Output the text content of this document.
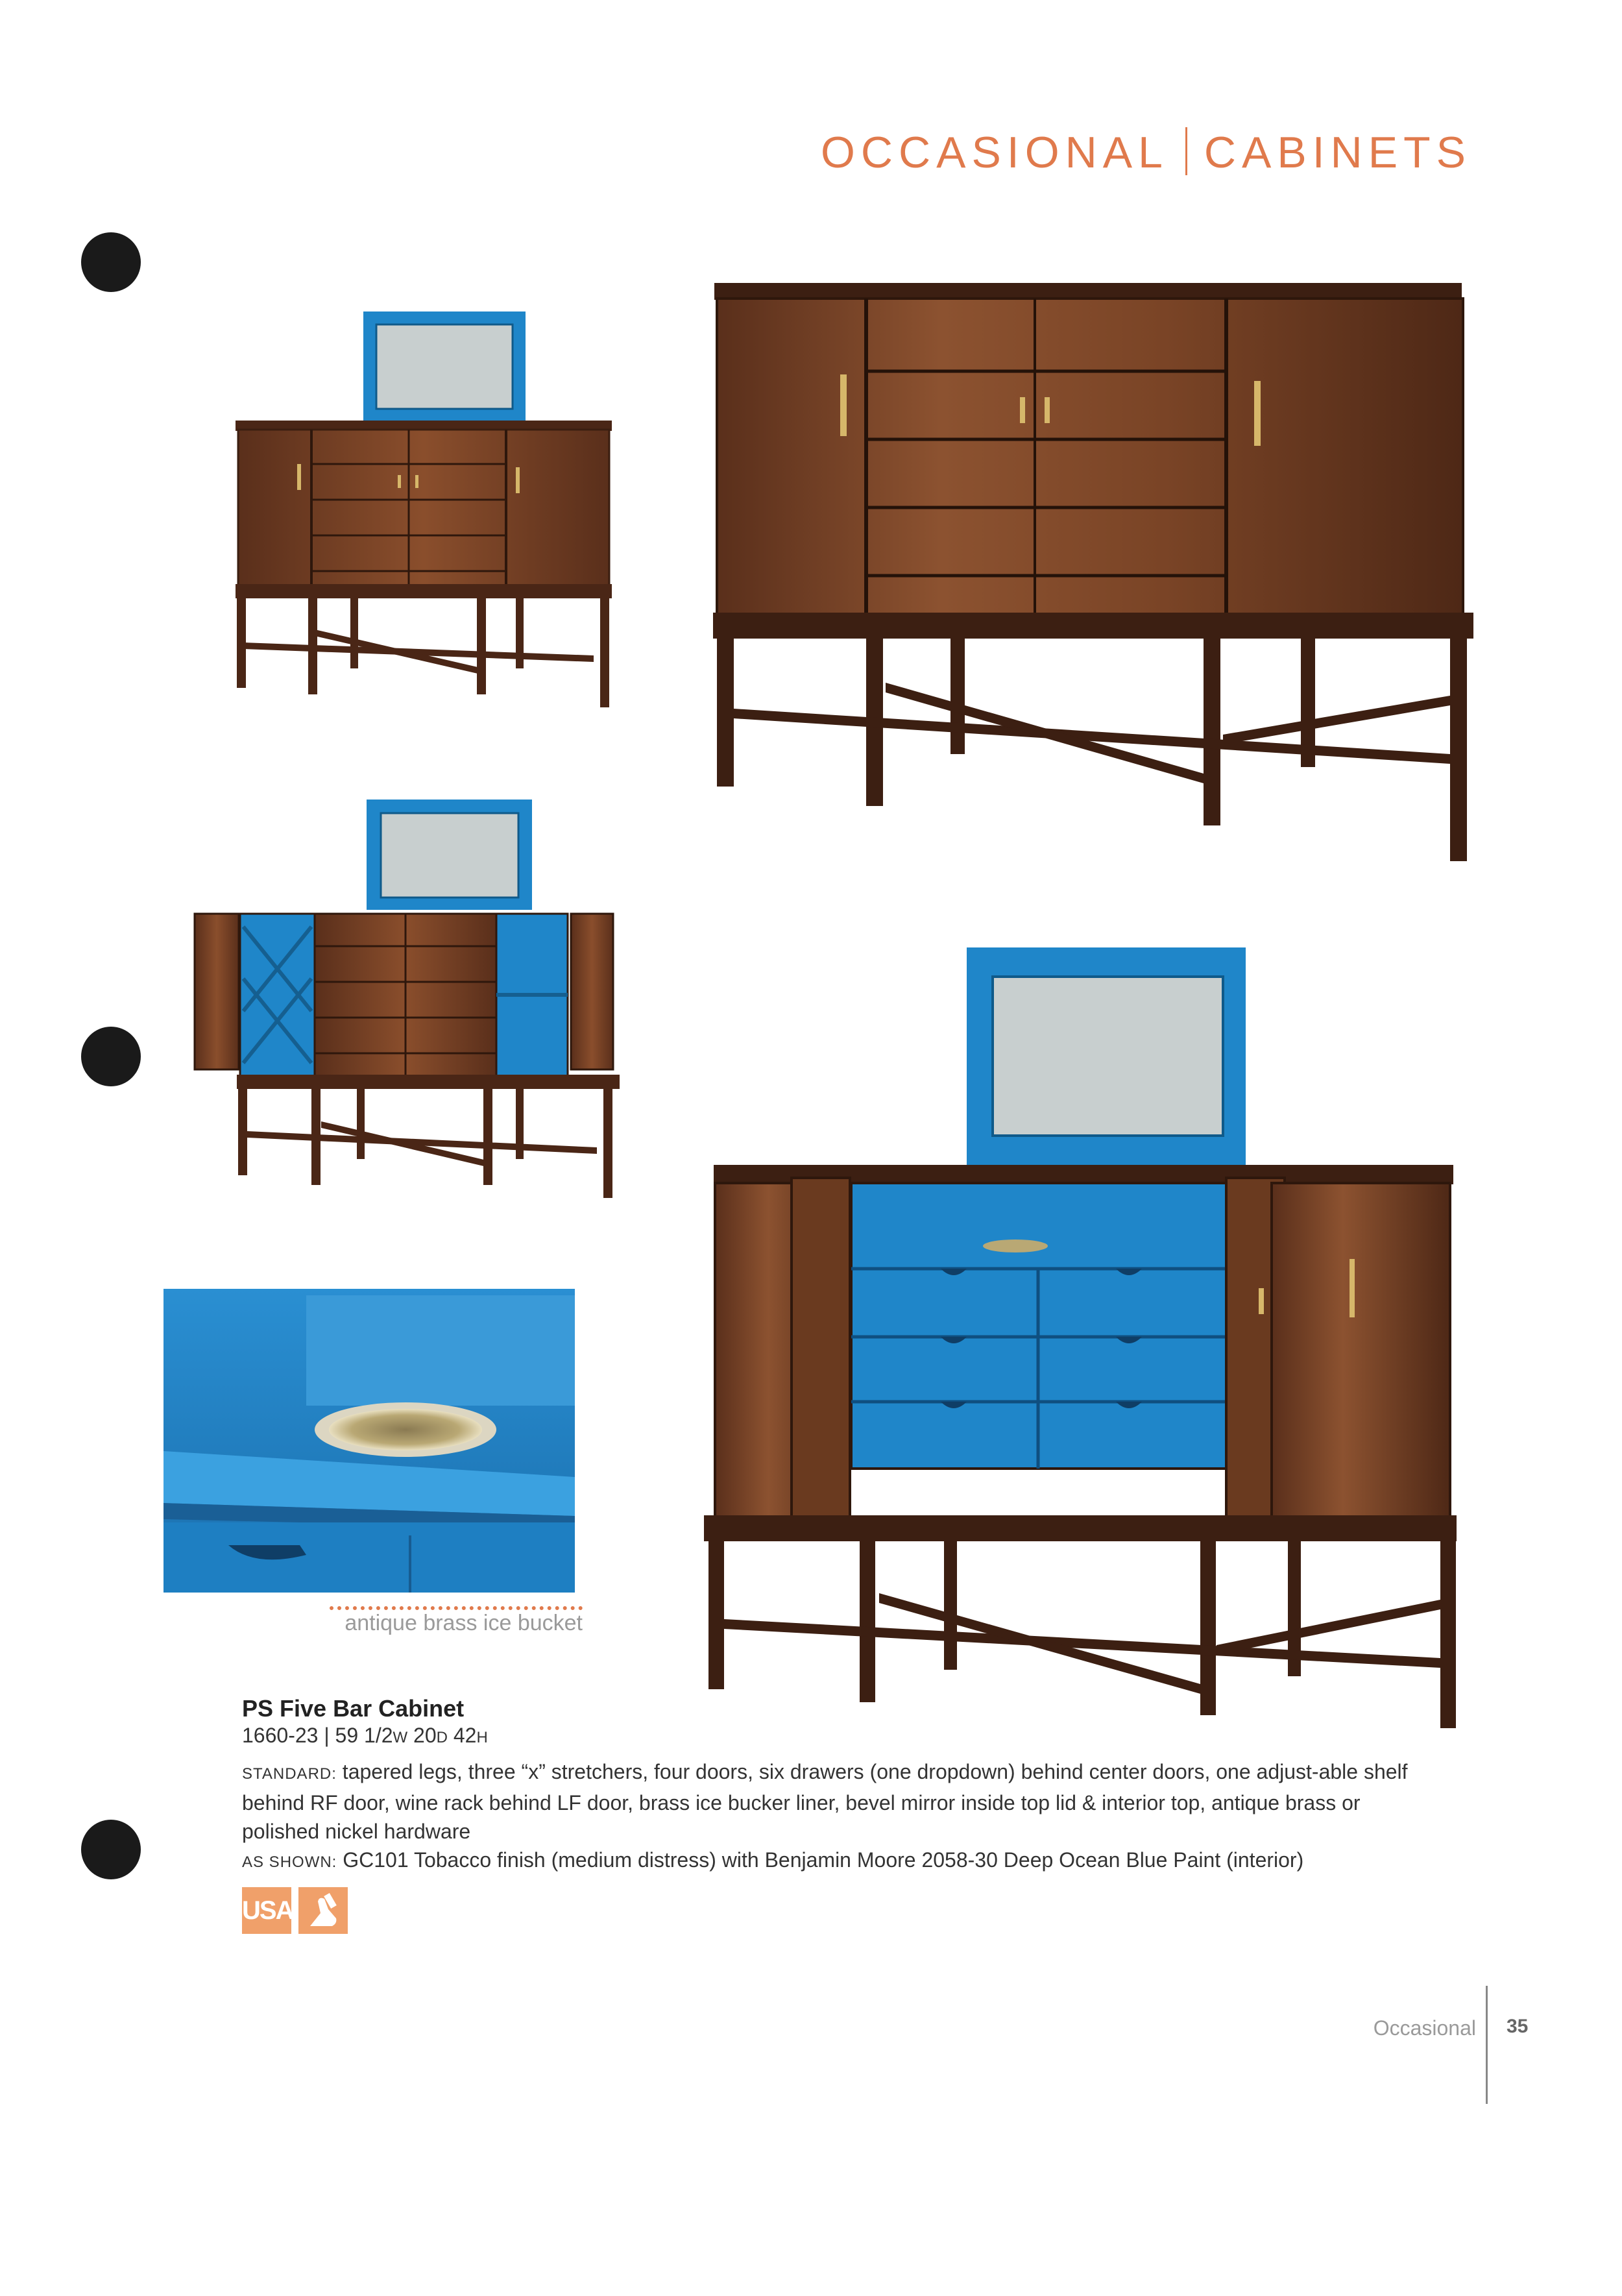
OCCASIONAL CABINETS
antique brass ice bucket
PS Five Bar Cabinet
1660-23 | 59 1/2W 20D 42H

STANDARD: tapered legs, three “x” stretchers, four doors, six drawers (one dropdown) behind center doors, one adjust-able shelf behind RF door, wine rack behind LF door, brass ice bucker liner, bevel mirror inside top lid & interior top, antique brass or polished nickel hardware

AS SHOWN: GC101 Tobacco finish (medium distress) with Benjamin Moore 2058-30 Deep Ocean Blue Paint (interior)

USA
Occasional 35
